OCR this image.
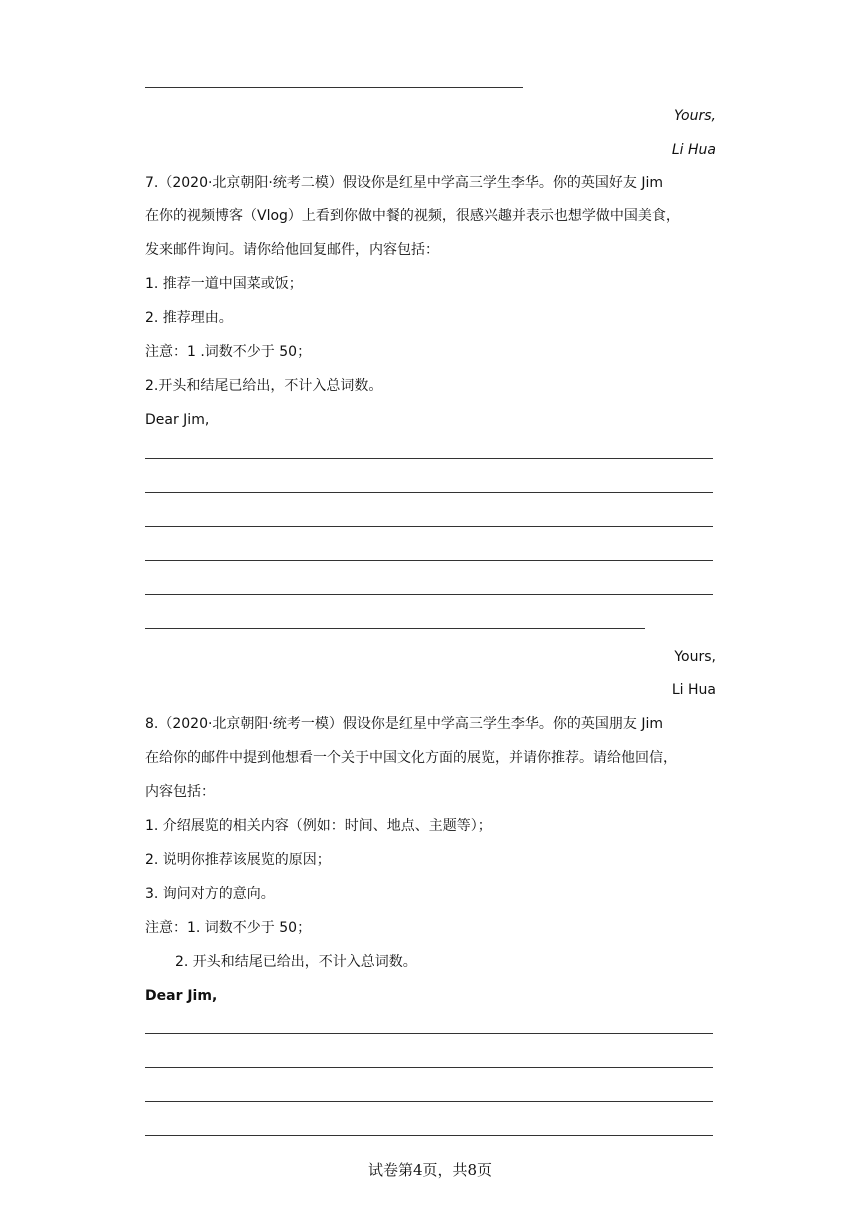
Yours,
Li Hua
7.（2020·北京朝阳·统考二模）假设你是红星中学高三学生李华。你的英国好友 Jim
在你的视频博客（Vlog）上看到你做中餐的视频，很感兴趣并表示也想学做中国美食，
发来邮件询问。请你给他回复邮件，内容包括：
1. 推荐一道中国菜或饭；
2. 推荐理由。
注意：1 .词数不少于 50；
2.开头和结尾已给出，不计入总词数。
Dear Jim,
Yours,
Li Hua
8.（2020·北京朝阳·统考一模）假设你是红星中学高三学生李华。你的英国朋友 Jim
在给你的邮件中提到他想看一个关于中国文化方面的展览，并请你推荐。请给他回信，
内容包括：
1. 介绍展览的相关内容（例如：时间、地点、主题等）；
2. 说明你推荐该展览的原因；
3. 询问对方的意向。
注意：1. 词数不少于 50；
2. 开头和结尾已给出，不计入总词数。
Dear Jim,
试卷第4页，共8页
